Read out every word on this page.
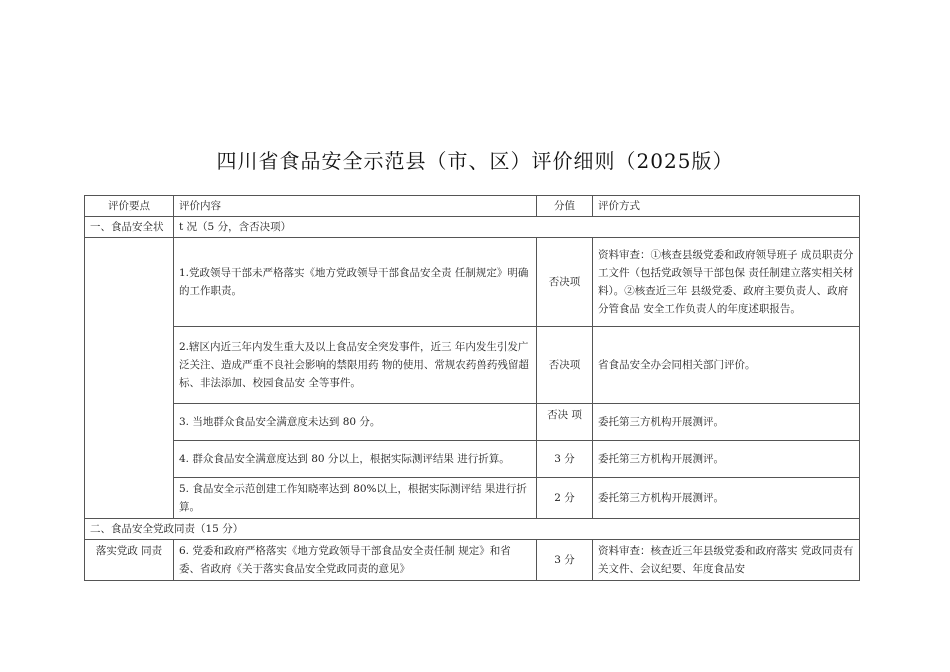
四川省食品安全示范县（市、区）评价细则（2025版）
评价要点	评价内容	分值	评价方式
一、食品安全状	t 况（5 分，含否决项）		
	1.党政领导干部未严格落实《地方党政领导干部食品安全责 任制规定》明确的工作职责。	否决项	资料审查：①核查县级党委和政府领导班子 成员职责分工文件（包括党政领导干部包保 责任制建立落实相关材料）。②核查近三年 县级党委、政府主要负责人、政府分管食品 安全工作负责人的年度述职报告。
	2.辖区内近三年内发生重大及以上食品安全突发事件，近三 年内发生引发广泛关注、造成严重不良社会影响的禁限用药 物的使用、常规农药兽药残留超标、非法添加、校园食品安 全等事件。	否决项	省食品安全办会同相关部门评价。
	3. 当地群众食品安全满意度未达到 80 分。	否决 项	委托第三方机构开展测评。
	4. 群众食品安全满意度达到 80 分以上，根据实际测评结果 进行折算。	3 分	委托第三方机构开展测评。
	5. 食品安全示范创建工作知晓率达到 80%以上，根据实际测评结 果进行折算。	2 分	委托第三方机构开展测评。
二、食品安全党政同责（15 分）			
落实党政 同责	6. 党委和政府严格落实《地方党政领导干部食品安全责任制 规定》和省委、省政府《关于落实食品安全党政同责的意见》	3 分	资料审查：核查近三年县级党委和政府落实 党政同责有关文件、会议纪要、年度食品安
